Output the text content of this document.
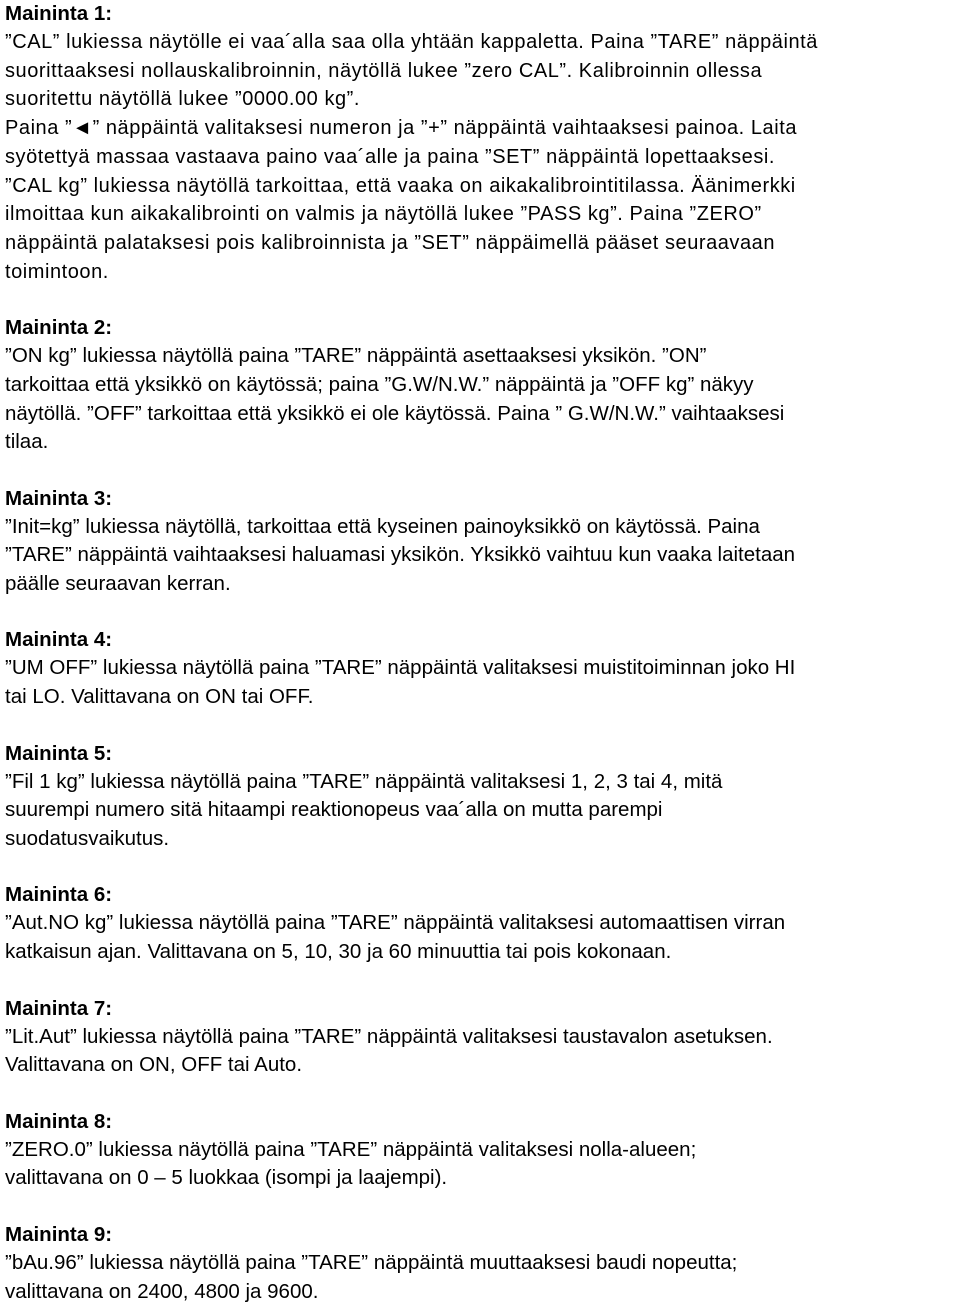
Maininta 1:

”CAL” lukiessa näytölle ei vaa´alla saa olla yhtään kappaletta. Paina ”TARE” näppäintä

suorittaaksesi nollauskalibroinnin, näytöllä lukee ”zero CAL”. Kalibroinnin ollessa

suoritettu näytöllä lukee ”0000.00 kg”.

Paina ”◄” näppäintä valitaksesi numeron ja ”+” näppäintä vaihtaaksesi painoa. Laita

syötettyä massaa vastaava paino vaa´alle ja paina ”SET” näppäintä lopettaaksesi.

”CAL kg” lukiessa näytöllä tarkoittaa, että vaaka on aikakalibrointitilassa. Äänimerkki

ilmoittaa kun aikakalibrointi on valmis ja näytöllä lukee ”PASS kg”. Paina ”ZERO”

näppäintä palataksesi pois kalibroinnista ja ”SET” näppäimellä pääset seuraavaan

toimintoon.

Maininta 2:

”ON kg” lukiessa näytöllä paina ”TARE” näppäintä asettaaksesi yksikön. ”ON”

tarkoittaa että yksikkö on käytössä; paina ”G.W/N.W.” näppäintä ja ”OFF kg” näkyy

näytöllä. ”OFF” tarkoittaa että yksikkö ei ole käytössä. Paina ” G.W/N.W.” vaihtaaksesi

tilaa.

Maininta 3:

”Init=kg” lukiessa näytöllä, tarkoittaa että kyseinen painoyksikkö on käytössä. Paina

”TARE” näppäintä vaihtaaksesi haluamasi yksikön. Yksikkö vaihtuu kun vaaka laitetaan

päälle seuraavan kerran.

Maininta 4:

”UM OFF” lukiessa näytöllä paina ”TARE” näppäintä valitaksesi muistitoiminnan joko HI

tai LO. Valittavana on ON tai OFF.

Maininta 5:

”Fil 1 kg” lukiessa näytöllä paina ”TARE” näppäintä valitaksesi 1, 2, 3 tai 4, mitä

suurempi numero sitä hitaampi reaktionopeus vaa´alla on mutta parempi

suodatusvaikutus.

Maininta 6:

”Aut.NO kg” lukiessa näytöllä paina ”TARE” näppäintä valitaksesi automaattisen virran

katkaisun ajan. Valittavana on 5, 10, 30 ja 60 minuuttia tai pois kokonaan.

Maininta 7:

”Lit.Aut” lukiessa näytöllä paina ”TARE” näppäintä valitaksesi taustavalon asetuksen.

Valittavana on ON, OFF tai Auto.

Maininta 8:

”ZERO.0” lukiessa näytöllä paina ”TARE” näppäintä valitaksesi nolla-alueen;

valittavana on 0 – 5 luokkaa (isompi ja laajempi).

Maininta 9:

”bAu.96” lukiessa näytöllä paina ”TARE” näppäintä muuttaaksesi baudi nopeutta;

valittavana on 2400, 4800 ja 9600.
